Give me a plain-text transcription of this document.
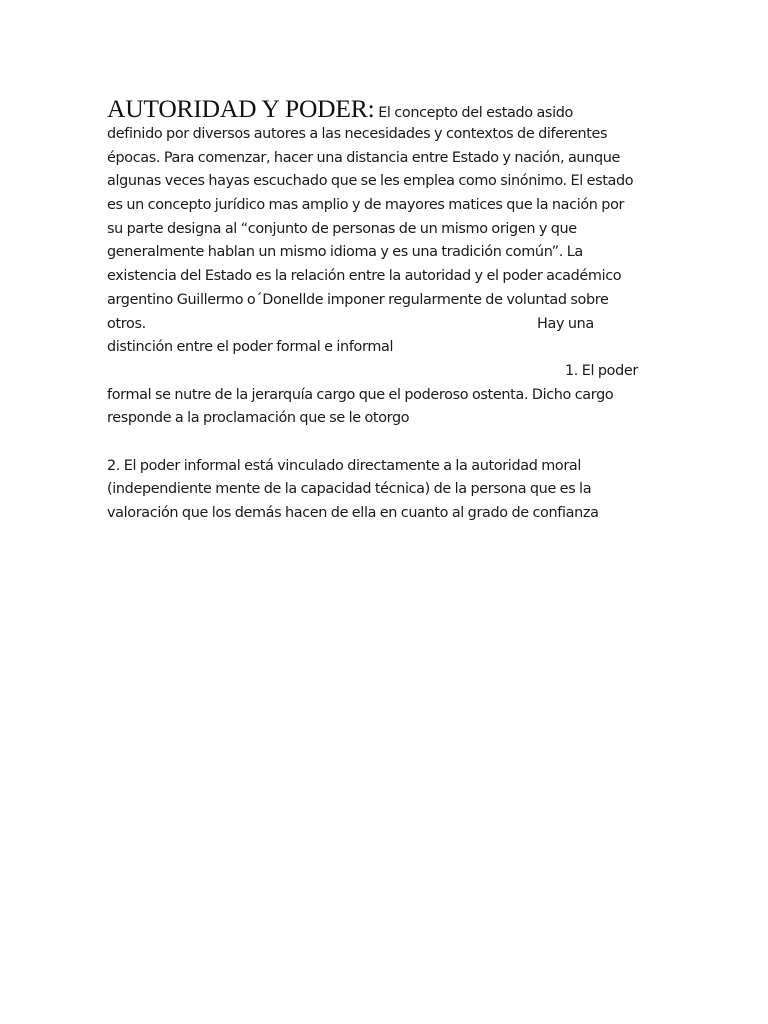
AUTORIDAD Y PODER: El concepto del estado asido
definido por diversos autores a las necesidades y contextos de diferentes
épocas. Para comenzar, hacer una distancia entre Estado y nación, aunque
algunas veces hayas escuchado que se les emplea como sinónimo. El estado
es un concepto jurídico mas amplio y de mayores matices que la nación por
su parte designa al “conjunto de personas de un mismo origen y que
generalmente hablan un mismo idioma y es una tradición común”. La
existencia del Estado es la relación entre la autoridad y el poder académico
argentino Guillermo o´Donellde imponer regularmente de voluntad sobre
otros.	Hay una
distinción entre el poder formal e informal
1. El poder
formal se nutre de la jerarquía cargo que el poderoso ostenta. Dicho cargo
responde a la proclamación que se le otorgo
2. El poder informal está vinculado directamente a la autoridad moral
(independiente mente de la capacidad técnica) de la persona que es la
valoración que los demás hacen de ella en cuanto al grado de confianza
